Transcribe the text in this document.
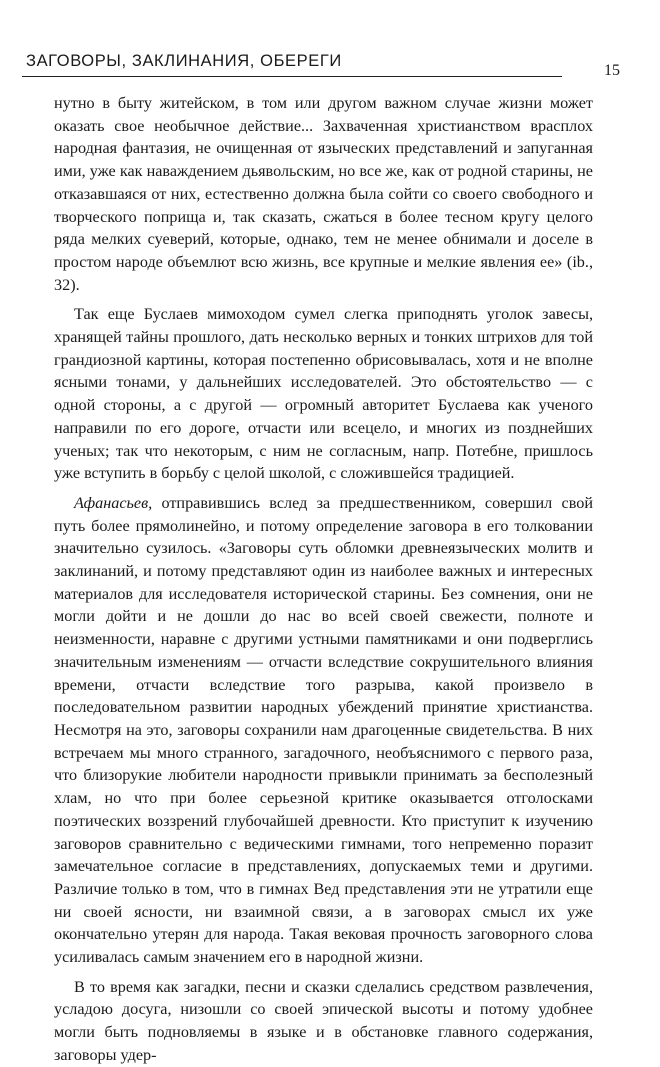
ЗАГОВОРЫ, ЗАКЛИНАНИЯ, ОБЕРЕГИ
15

нутно в быту житейском, в том или другом важном случае жизни может оказать свое необычное действие... Захваченная христианством врасплох народная фантазия, не очищенная от языческих представлений и запуганная ими, уже как наваждением дьявольским, но все же, как от родной старины, не отказавшаяся от них, естественно должна была сойти со своего свободного и творческого поприща и, так сказать, сжаться в более тесном кругу целого ряда мелких суеверий, которые, однако, тем не менее обнимали и доселе в простом народе объемлют всю жизнь, все крупные и мелкие явления ее» (ib., 32).

Так еще Буслаев мимоходом сумел слегка приподнять уголок завесы, хранящей тайны прошлого, дать несколько верных и тонких штрихов для той грандиозной картины, которая постепенно обрисовывалась, хотя и не вполне ясными тонами, у дальнейших исследователей. Это обстоятельство — с одной стороны, а с другой — огромный авторитет Буслаева как ученого направили по его дороге, отчасти или всецело, и многих из позднейших ученых; так что некоторым, с ним не согласным, напр. Потебне, пришлось уже вступить в борьбу с целой школой, с сложившейся традицией.

Афанасьев, отправившись вслед за предшественником, совершил свой путь более прямолинейно, и потому определение заговора в его толковании значительно сузилось. «Заговоры суть обломки древнеязыческих молитв и заклинаний, и потому представляют один из наиболее важных и интересных материалов для исследователя исторической старины. Без сомнения, они не могли дойти и не дошли до нас во всей своей свежести, полноте и неизменности, наравне с другими устными памятниками и они подверглись значительным изменениям — отчасти вследствие сокрушительного влияния времени, отчасти вследствие того разрыва, какой произвело в последовательном развитии народных убеждений принятие христианства. Несмотря на это, заговоры сохранили нам драгоценные свидетельства. В них встречаем мы много странного, загадочного, необъяснимого с первого раза, что близорукие любители народности привыкли принимать за бесполезный хлам, но что при более серьезной критике оказывается отголосками поэтических воззрений глубочайшей древности. Кто приступит к изучению заговоров сравнительно с ведическими гимнами, того непременно поразит замечательное согласие в представлениях, допускаемых теми и другими. Различие только в том, что в гимнах Вед представления эти не утратили еще ни своей ясности, ни взаимной связи, а в заговорах смысл их уже окончательно утерян для народа. Такая вековая прочность заговорного слова усиливалась самым значением его в народной жизни.

В то время как загадки, песни и сказки сделались средством развлечения, усладою досуга, низошли со своей эпической высоты и потому удобнее могли быть подновляемы в языке и в обстановке главного содержания, заговоры удер-
